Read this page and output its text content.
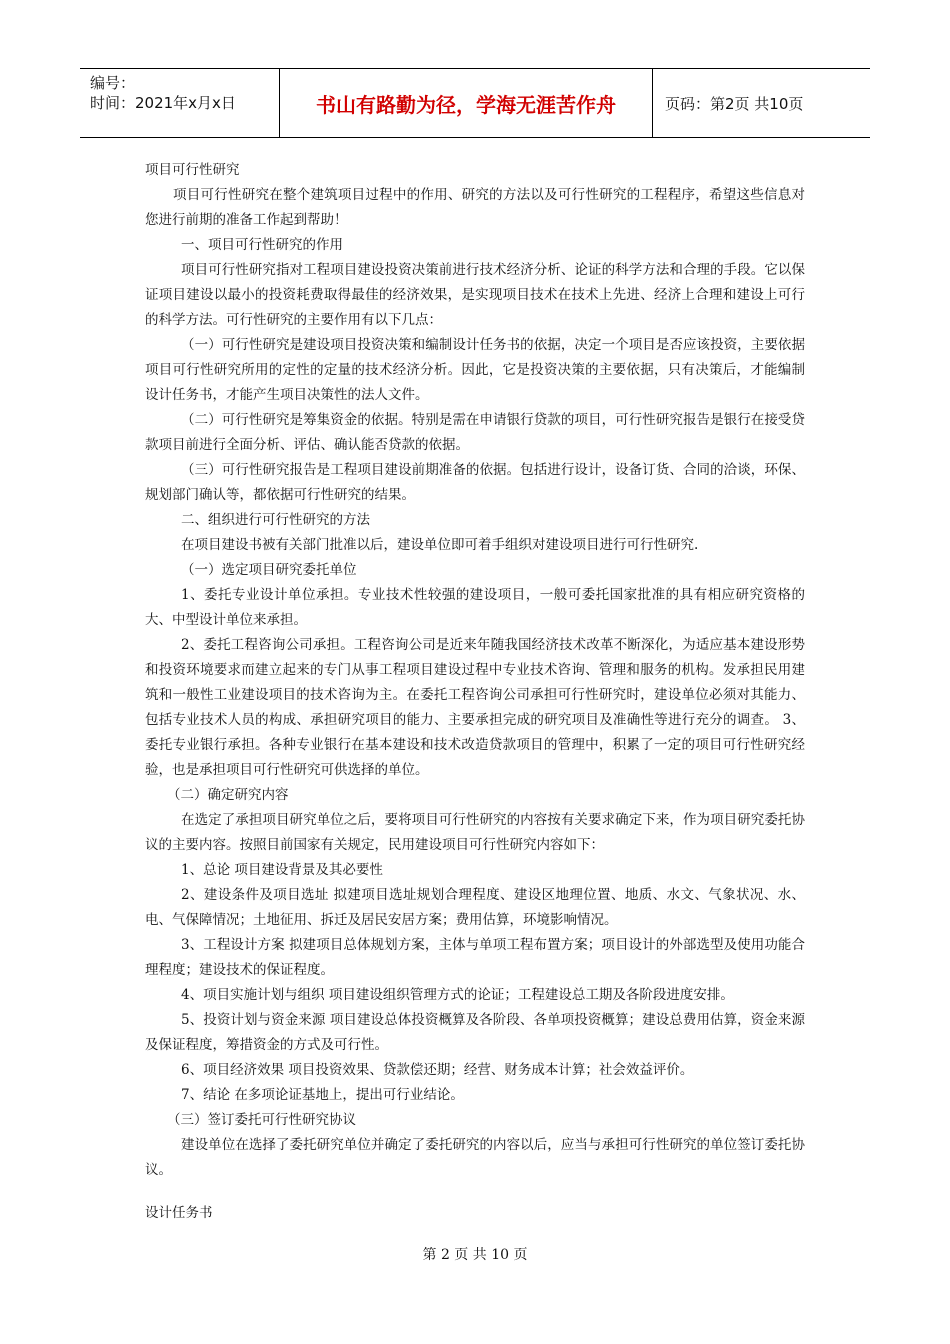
编号：
时间：2021年x月x日	书山有路勤为径，学海无涯苦作舟	页码：第2页 共10页

项目可行性研究

项目可行性研究在整个建筑项目过程中的作用、研究的方法以及可行性研究的工程程序，希望这些信息对您进行前期的准备工作起到帮助！

一、项目可行性研究的作用

项目可行性研究指对工程项目建设投资决策前进行技术经济分析、论证的科学方法和合理的手段。它以保证项目建设以最小的投资耗费取得最佳的经济效果，是实现项目技术在技术上先进、经济上合理和建设上可行的科学方法。可行性研究的主要作用有以下几点：

（一）可行性研究是建设项目投资决策和编制设计任务书的依据，决定一个项目是否应该投资，主要依据项目可行性研究所用的定性的定量的技术经济分析。因此，它是投资决策的主要依据，只有决策后，才能编制设计任务书，才能产生项目决策性的法人文件。

（二）可行性研究是筹集资金的依据。特别是需在申请银行贷款的项目，可行性研究报告是银行在接受贷款项目前进行全面分析、评估、确认能否贷款的依据。

（三）可行性研究报告是工程项目建设前期准备的依据。包括进行设计，设备订货、合同的洽谈，环保、规划部门确认等，都依据可行性研究的结果。

二、组织进行可行性研究的方法

在项目建设书被有关部门批准以后，建设单位即可着手组织对建设项目进行可行性研究.

（一）选定项目研究委托单位

1、委托专业设计单位承担。专业技术性较强的建设项目，一般可委托国家批准的具有相应研究资格的大、中型设计单位来承担。

2、委托工程咨询公司承担。工程咨询公司是近来年随我国经济技术改革不断深化，为适应基本建设形势和投资环境要求而建立起来的专门从事工程项目建设过程中专业技术咨询、管理和服务的机构。发承担民用建筑和一般性工业建设项目的技术咨询为主。在委托工程咨询公司承担可行性研究时，建设单位必须对其能力、包括专业技术人员的构成、承担研究项目的能力、主要承担完成的研究项目及准确性等进行充分的调查。 3、委托专业银行承担。各种专业银行在基本建设和技术改造贷款项目的管理中，积累了一定的项目可行性研究经验，也是承担项目可行性研究可供选择的单位。

（二）确定研究内容

在选定了承担项目研究单位之后，要将项目可行性研究的内容按有关要求确定下来，作为项目研究委托协议的主要内容。按照目前国家有关规定，民用建设项目可行性研究内容如下：

1、总论 项目建设背景及其必要性

2、建设条件及项目选址 拟建项目选址规划合理程度、建设区地理位置、地质、水文、气象状况、水、电、气保障情况；土地征用、拆迁及居民安居方案；费用估算，环境影响情况。

3、工程设计方案 拟建项目总体规划方案，主体与单项工程布置方案；项目设计的外部选型及使用功能合理程度；建设技术的保证程度。

4、项目实施计划与组织 项目建设组织管理方式的论证；工程建设总工期及各阶段进度安排。

5、投资计划与资金来源 项目建设总体投资概算及各阶段、各单项投资概算；建设总费用估算，资金来源及保证程度，筹措资金的方式及可行性。

6、项目经济效果 项目投资效果、贷款偿还期；经营、财务成本计算；社会效益评价。

7、结论 在多项论证基地上，提出可行业结论。

（三）签订委托可行性研究协议

建设单位在选择了委托研究单位并确定了委托研究的内容以后，应当与承担可行性研究的单位签订委托协议。

设计任务书

第 2 页 共 10 页
